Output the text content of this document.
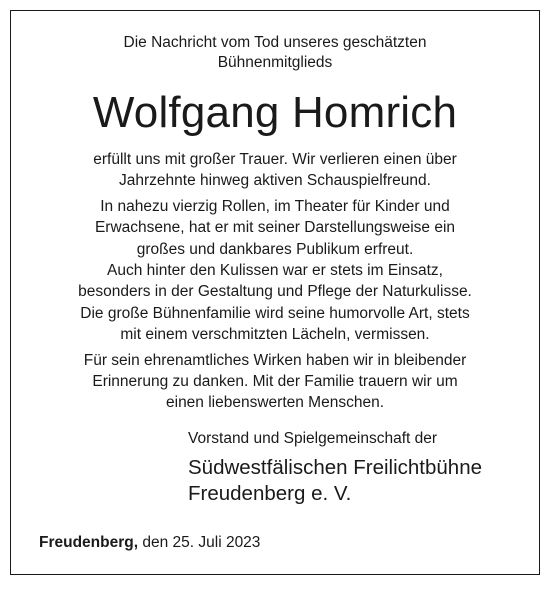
Die Nachricht vom Tod unseres geschätzten
Bühnenmitglieds
Wolfgang Homrich

erfüllt uns mit großer Trauer. Wir verlieren einen über
Jahrzehnte hinweg aktiven Schauspielfreund.

In nahezu vierzig Rollen, im Theater für Kinder und
Erwachsene, hat er mit seiner Darstellungsweise ein
großes und dankbares Publikum erfreut.
Auch hinter den Kulissen war er stets im Einsatz,
besonders in der Gestaltung und Pflege der Naturkulisse.
Die große Bühnenfamilie wird seine humorvolle Art, stets
mit einem verschmitzten Lächeln, vermissen.

Für sein ehrenamtliches Wirken haben wir in bleibender
Erinnerung zu danken. Mit der Familie trauern wir um
einen liebenswerten Menschen.

Vorstand und Spielgemeinschaft der
Südwestfälischen Freilichtbühne
Freudenberg e. V.
Freudenberg, den 25. Juli 2023
